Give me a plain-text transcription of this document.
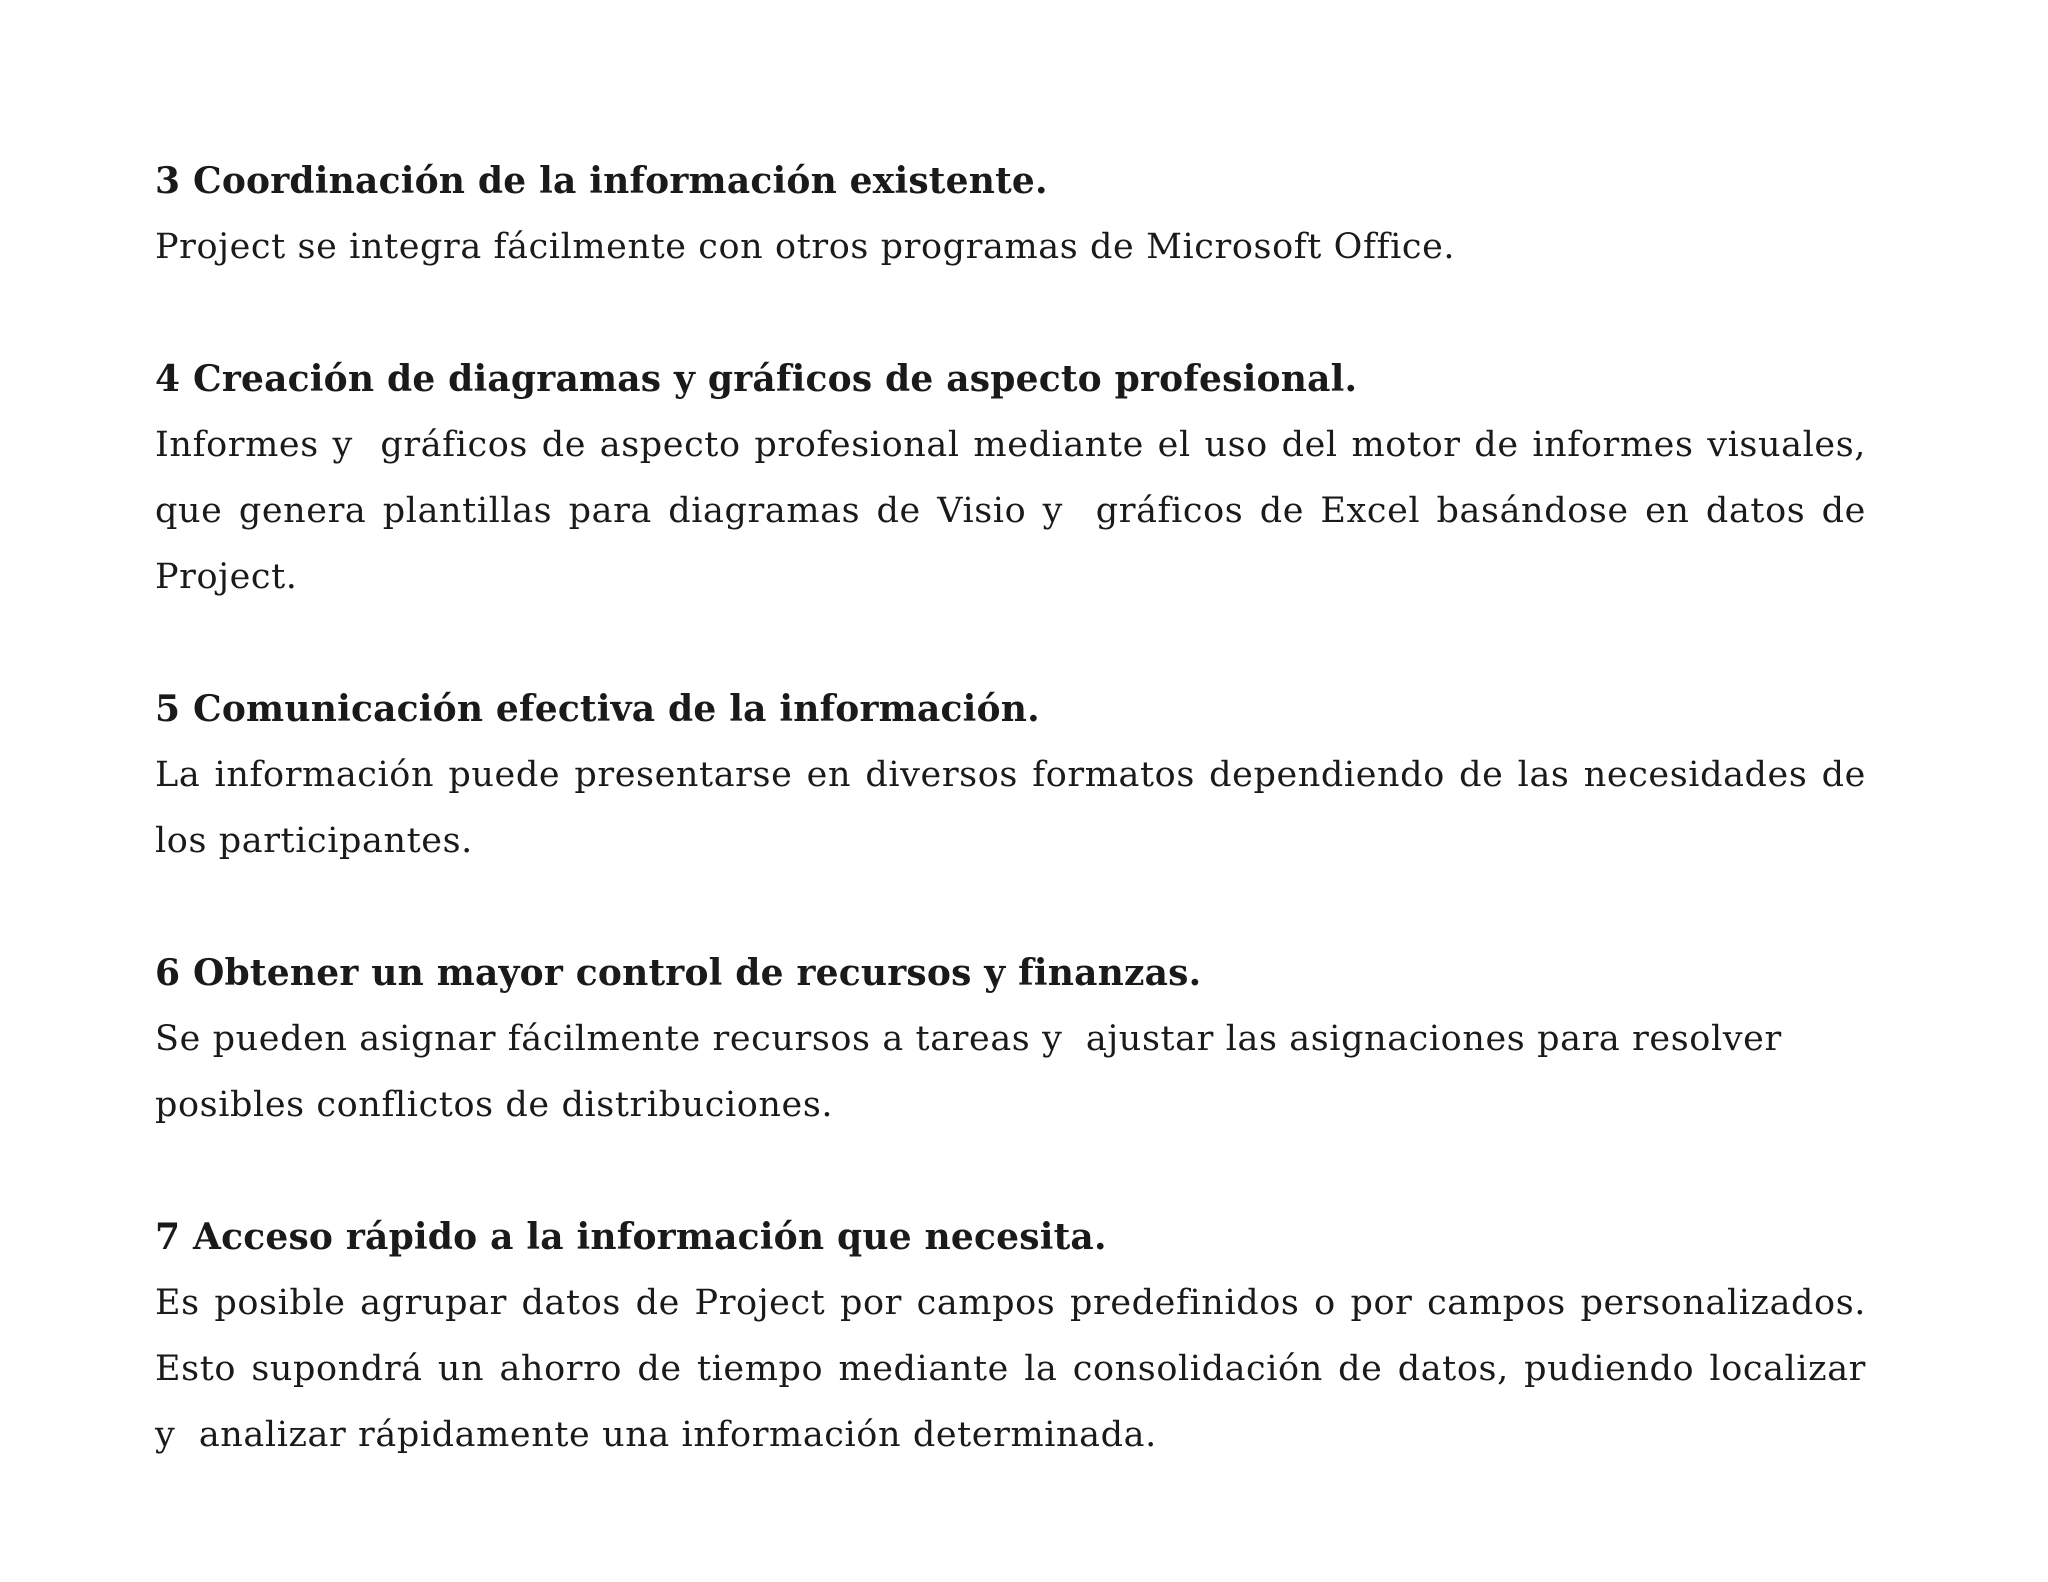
3 Coordinación de la información existente.

Project se integra fácilmente con otros programas de Microsoft Office.

4 Creación de diagramas y gráficos de aspecto profesional.

Informes y  gráficos de aspecto profesional mediante el uso del motor de informes visuales,
que genera plantillas para diagramas de Visio y  gráficos de Excel basándose en datos de
Project.

5 Comunicación efectiva de la información.

La información puede presentarse en diversos formatos dependiendo de las necesidades de
los participantes.

6 Obtener un mayor control de recursos y finanzas.

Se pueden asignar fácilmente recursos a tareas y  ajustar las asignaciones para resolver
posibles conflictos de distribuciones.

7 Acceso rápido a la información que necesita.

Es posible agrupar datos de Project por campos predefinidos o por campos personalizados.
Esto supondrá un ahorro de tiempo mediante la consolidación de datos, pudiendo localizar
y  analizar rápidamente una información determinada.
